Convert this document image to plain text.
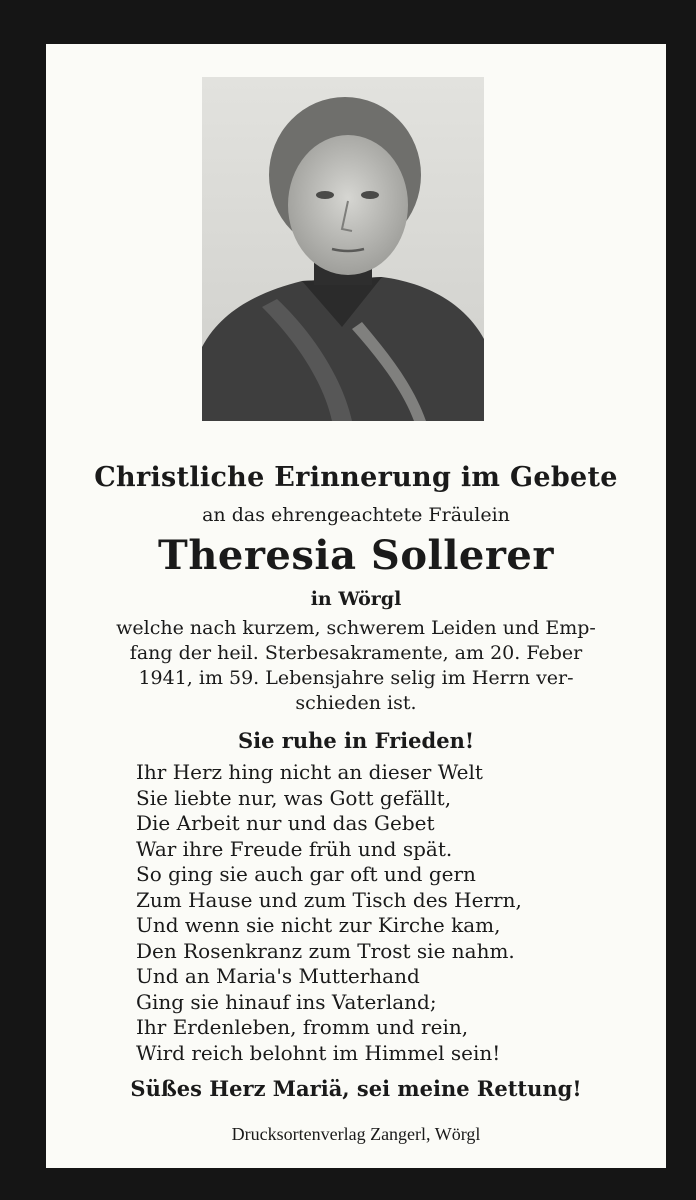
Christliche Erinnerung im Gebete
an das ehrengeachtete Fräulein
Theresia Sollerer
in Wörgl
welche nach kurzem, schwerem Leiden und Emp-
fang der heil. Sterbesakramente, am 20. Feber
1941, im 59. Lebensjahre selig im Herrn ver-
schieden ist.
Sie ruhe in Frieden!
Ihr Herz hing nicht an dieser Welt
Sie liebte nur, was Gott gefällt,
Die Arbeit nur und das Gebet
War ihre Freude früh und spät.
So ging sie auch gar oft und gern
Zum Hause und zum Tisch des Herrn,
Und wenn sie nicht zur Kirche kam,
Den Rosenkranz zum Trost sie nahm.
Und an Maria's Mutterhand
Ging sie hinauf ins Vaterland;
Ihr Erdenleben, fromm und rein,
Wird reich belohnt im Himmel sein!
Süßes Herz Mariä, sei meine Rettung!
Drucksortenverlag Zangerl, Wörgl
